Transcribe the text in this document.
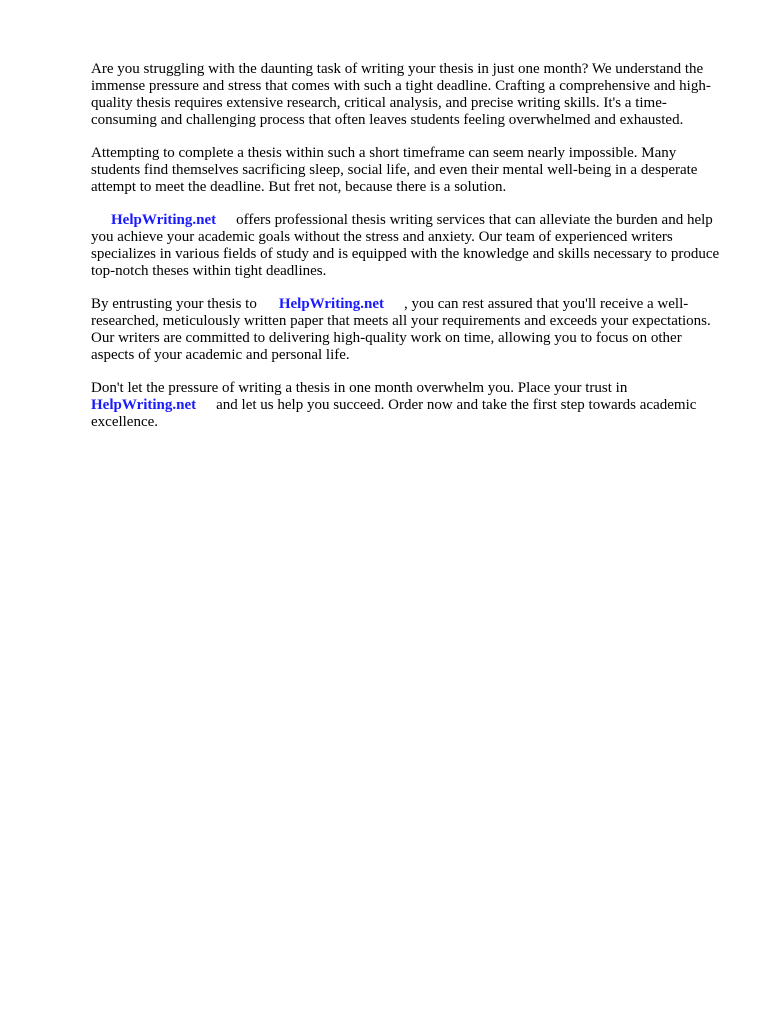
Are you struggling with the daunting task of writing your thesis in just one month? We understand the immense pressure and stress that comes with such a tight deadline. Crafting a comprehensive and high-quality thesis requires extensive research, critical analysis, and precise writing skills. It's a time-consuming and challenging process that often leaves students feeling overwhelmed and exhausted.

Attempting to complete a thesis within such a short timeframe can seem nearly impossible. Many students find themselves sacrificing sleep, social life, and even their mental well-being in a desperate attempt to meet the deadline. But fret not, because there is a solution.

HelpWriting.net offers professional thesis writing services that can alleviate the burden and help you achieve your academic goals without the stress and anxiety. Our team of experienced writers specializes in various fields of study and is equipped with the knowledge and skills necessary to produce top-notch theses within tight deadlines.

By entrusting your thesis to HelpWriting.net , you can rest assured that you'll receive a well-researched, meticulously written paper that meets all your requirements and exceeds your expectations. Our writers are committed to delivering high-quality work on time, allowing you to focus on other aspects of your academic and personal life.

Don't let the pressure of writing a thesis in one month overwhelm you. Place your trust in HelpWriting.net and let us help you succeed. Order now and take the first step towards academic excellence.
